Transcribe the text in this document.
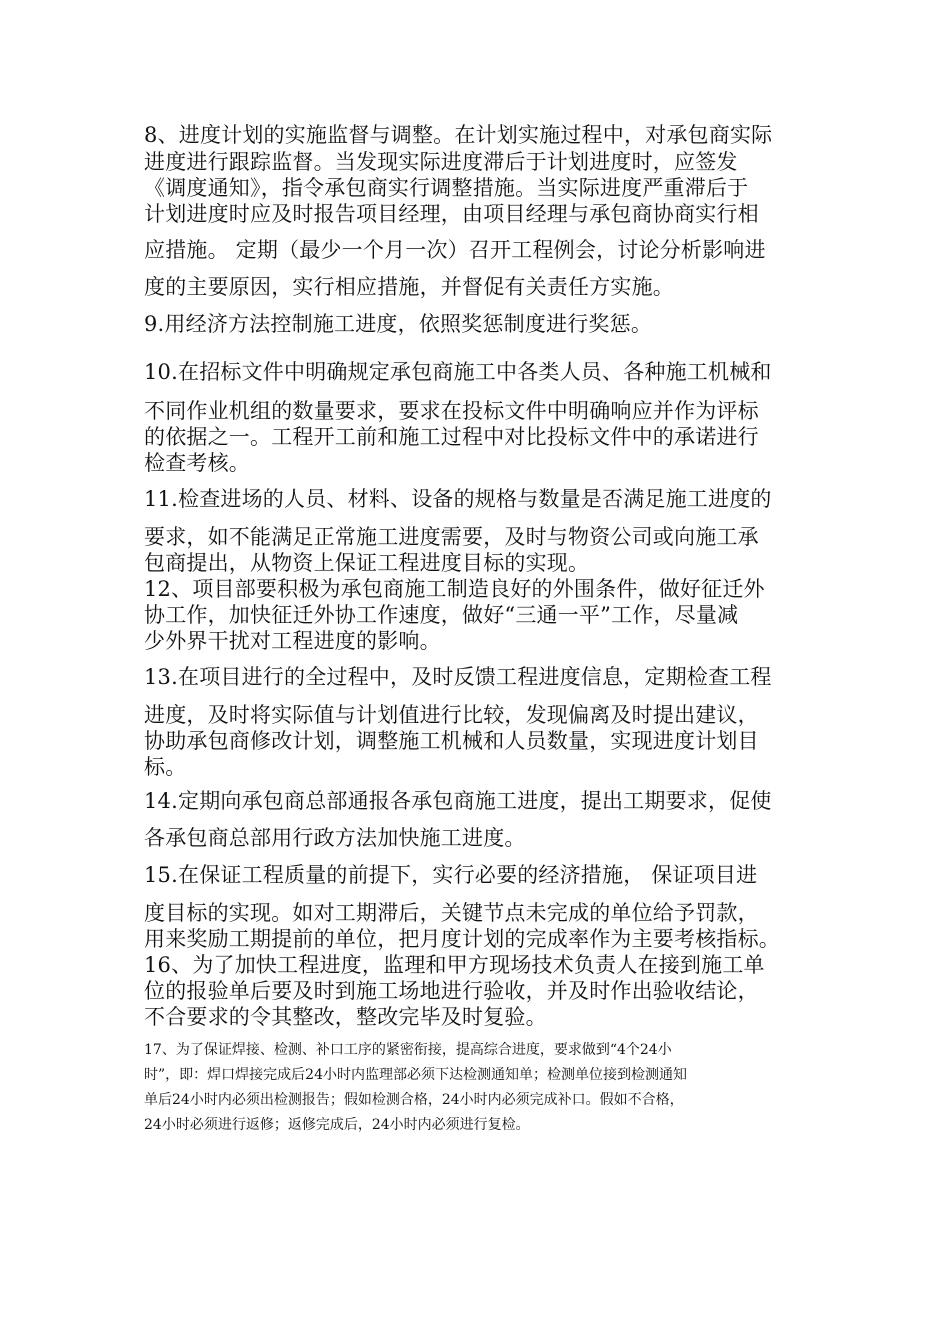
8、进度计划的实施监督与调整。在计划实施过程中，对承包商实际
进度进行跟踪监督。当发现实际进度滞后于计划进度时，应签发
《调度通知》，指令承包商实行调整措施。当实际进度严重滞后于
计划进度时应及时报告项目经理，由项目经理与承包商协商实行相
应措施。 定期（最少一个月一次）召开工程例会，讨论分析影响进
度的主要原因，实行相应措施，并督促有关责任方实施。
9.用经济方法控制施工进度，依照奖惩制度进行奖惩。
10.在招标文件中明确规定承包商施工中各类人员、各种施工机械和
不同作业机组的数量要求，要求在投标文件中明确响应并作为评标
的依据之一。工程开工前和施工过程中对比投标文件中的承诺进行
检查考核。
11.检查进场的人员、材料、设备的规格与数量是否满足施工进度的
要求，如不能满足正常施工进度需要，及时与物资公司或向施工承
包商提出，从物资上保证工程进度目标的实现。
12、项目部要积极为承包商施工制造良好的外围条件，做好征迁外
协工作，加快征迁外协工作速度，做好“三通一平”工作，尽量减
少外界干扰对工程进度的影响。
13.在项目进行的全过程中，及时反馈工程进度信息，定期检查工程
进度，及时将实际值与计划值进行比较，发现偏离及时提出建议，
协助承包商修改计划，调整施工机械和人员数量，实现进度计划目
标。
14.定期向承包商总部通报各承包商施工进度，提出工期要求，促使
各承包商总部用行政方法加快施工进度。
15.在保证工程质量的前提下，实行必要的经济措施， 保证项目进
度目标的实现。如对工期滞后，关键节点未完成的单位给予罚款，
用来奖励工期提前的单位，把月度计划的完成率作为主要考核指标。
16、为了加快工程进度，监理和甲方现场技术负责人在接到施工单
位的报验单后要及时到施工场地进行验收，并及时作出验收结论，
不合要求的令其整改，整改完毕及时复验。
17、为了保证焊接、检测、补口工序的紧密衔接，提高综合进度，要求做到“4个24小
时”，即：焊口焊接完成后24小时内监理部必须下达检测通知单；检测单位接到检测通知
单后24小时内必须出检测报告；假如检测合格，24小时内必须完成补口。假如不合格，
24小时必须进行返修；返修完成后，24小时内必须进行复检。
